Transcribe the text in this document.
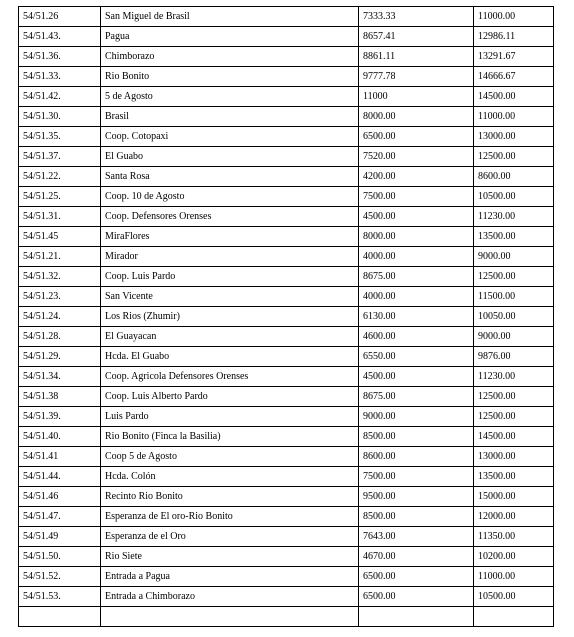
54/51.26	San Miguel de Brasil	7333.33	11000.00
54/51.43.	Pagua	8657.41	12986.11
54/51.36.	Chimborazo	8861.11	13291.67
54/51.33.	Rio Bonito	9777.78	14666.67
54/51.42.	5 de Agosto	11000	14500.00
54/51.30.	Brasil	8000.00	11000.00
54/51.35.	Coop. Cotopaxi	6500.00	13000.00
54/51.37.	El Guabo	7520.00	12500.00
54/51.22.	Santa Rosa	4200.00	8600.00
54/51.25.	Coop. 10 de Agosto	7500.00	10500.00
54/51.31.	Coop. Defensores Orenses	4500.00	11230.00
54/51.45	MiraFlores	8000.00	13500.00
54/51.21.	Mirador	4000.00	9000.00
54/51.32.	Coop. Luis Pardo	8675.00	12500.00
54/51.23.	San Vicente	4000.00	11500.00
54/51.24.	Los Rios (Zhumir)	6130.00	10050.00
54/51.28.	El Guayacan	4600.00	9000.00
54/51.29.	Hcda. El Guabo	6550.00	9876.00
54/51.34.	Coop. Agricola Defensores Orenses	4500.00	11230.00
54/51.38	Coop. Luis Alberto Pardo	8675.00	12500.00
54/51.39.	Luis Pardo	9000.00	12500.00
54/51.40.	Rio Bonito (Finca la Basilia)	8500.00	14500.00
54/51.41	Coop 5 de Agosto	8600.00	13000.00
54/51.44.	Hcda. Colón	7500.00	13500.00
54/51.46	Recinto Rio Bonito	9500.00	15000.00
54/51.47.	Esperanza de El oro-Rio Bonito	8500.00	12000.00
54/51.49	Esperanza de el Oro	7643.00	11350.00
54/51.50.	Rio Siete	4670.00	10200.00
54/51.52.	Entrada a Pagua	6500.00	11000.00
54/51.53.	Entrada a Chimborazo	6500.00	10500.00
